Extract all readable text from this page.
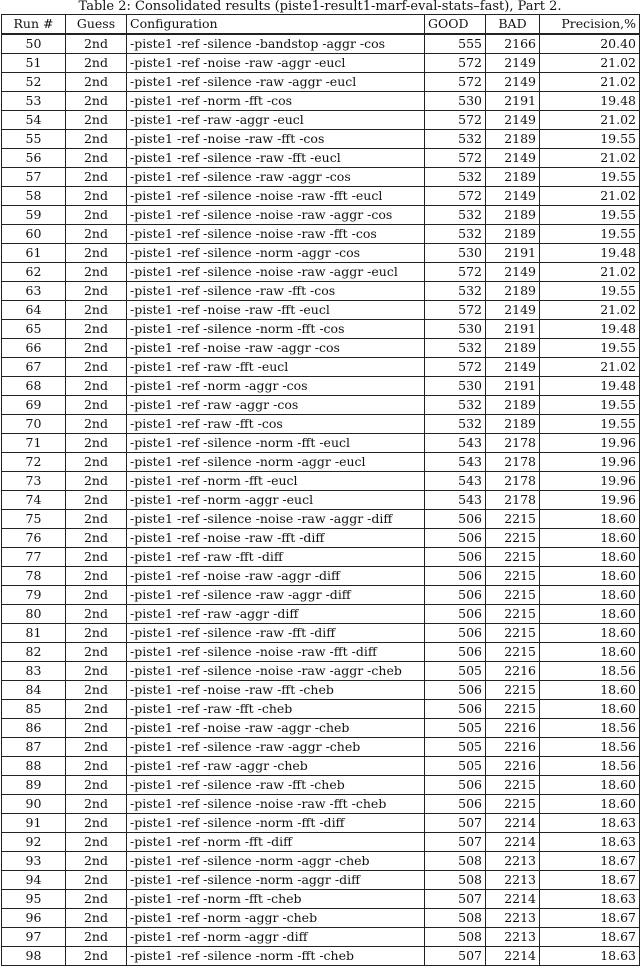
Table 2: Consolidated results (piste1-result1-marf-eval-stats–fast), Part 2.
Run #	Guess	Configuration	GOOD	BAD	Precision,%
50	2nd	-piste1 -ref -silence -bandstop -aggr -cos	555	2166	20.40
51	2nd	-piste1 -ref -noise -raw -aggr -eucl	572	2149	21.02
52	2nd	-piste1 -ref -silence -raw -aggr -eucl	572	2149	21.02
53	2nd	-piste1 -ref -norm -fft -cos	530	2191	19.48
54	2nd	-piste1 -ref -raw -aggr -eucl	572	2149	21.02
55	2nd	-piste1 -ref -noise -raw -fft -cos	532	2189	19.55
56	2nd	-piste1 -ref -silence -raw -fft -eucl	572	2149	21.02
57	2nd	-piste1 -ref -silence -raw -aggr -cos	532	2189	19.55
58	2nd	-piste1 -ref -silence -noise -raw -fft -eucl	572	2149	21.02
59	2nd	-piste1 -ref -silence -noise -raw -aggr -cos	532	2189	19.55
60	2nd	-piste1 -ref -silence -noise -raw -fft -cos	532	2189	19.55
61	2nd	-piste1 -ref -silence -norm -aggr -cos	530	2191	19.48
62	2nd	-piste1 -ref -silence -noise -raw -aggr -eucl	572	2149	21.02
63	2nd	-piste1 -ref -silence -raw -fft -cos	532	2189	19.55
64	2nd	-piste1 -ref -noise -raw -fft -eucl	572	2149	21.02
65	2nd	-piste1 -ref -silence -norm -fft -cos	530	2191	19.48
66	2nd	-piste1 -ref -noise -raw -aggr -cos	532	2189	19.55
67	2nd	-piste1 -ref -raw -fft -eucl	572	2149	21.02
68	2nd	-piste1 -ref -norm -aggr -cos	530	2191	19.48
69	2nd	-piste1 -ref -raw -aggr -cos	532	2189	19.55
70	2nd	-piste1 -ref -raw -fft -cos	532	2189	19.55
71	2nd	-piste1 -ref -silence -norm -fft -eucl	543	2178	19.96
72	2nd	-piste1 -ref -silence -norm -aggr -eucl	543	2178	19.96
73	2nd	-piste1 -ref -norm -fft -eucl	543	2178	19.96
74	2nd	-piste1 -ref -norm -aggr -eucl	543	2178	19.96
75	2nd	-piste1 -ref -silence -noise -raw -aggr -diff	506	2215	18.60
76	2nd	-piste1 -ref -noise -raw -fft -diff	506	2215	18.60
77	2nd	-piste1 -ref -raw -fft -diff	506	2215	18.60
78	2nd	-piste1 -ref -noise -raw -aggr -diff	506	2215	18.60
79	2nd	-piste1 -ref -silence -raw -aggr -diff	506	2215	18.60
80	2nd	-piste1 -ref -raw -aggr -diff	506	2215	18.60
81	2nd	-piste1 -ref -silence -raw -fft -diff	506	2215	18.60
82	2nd	-piste1 -ref -silence -noise -raw -fft -diff	506	2215	18.60
83	2nd	-piste1 -ref -silence -noise -raw -aggr -cheb	505	2216	18.56
84	2nd	-piste1 -ref -noise -raw -fft -cheb	506	2215	18.60
85	2nd	-piste1 -ref -raw -fft -cheb	506	2215	18.60
86	2nd	-piste1 -ref -noise -raw -aggr -cheb	505	2216	18.56
87	2nd	-piste1 -ref -silence -raw -aggr -cheb	505	2216	18.56
88	2nd	-piste1 -ref -raw -aggr -cheb	505	2216	18.56
89	2nd	-piste1 -ref -silence -raw -fft -cheb	506	2215	18.60
90	2nd	-piste1 -ref -silence -noise -raw -fft -cheb	506	2215	18.60
91	2nd	-piste1 -ref -silence -norm -fft -diff	507	2214	18.63
92	2nd	-piste1 -ref -norm -fft -diff	507	2214	18.63
93	2nd	-piste1 -ref -silence -norm -aggr -cheb	508	2213	18.67
94	2nd	-piste1 -ref -silence -norm -aggr -diff	508	2213	18.67
95	2nd	-piste1 -ref -norm -fft -cheb	507	2214	18.63
96	2nd	-piste1 -ref -norm -aggr -cheb	508	2213	18.67
97	2nd	-piste1 -ref -norm -aggr -diff	508	2213	18.67
98	2nd	-piste1 -ref -silence -norm -fft -cheb	507	2214	18.63
